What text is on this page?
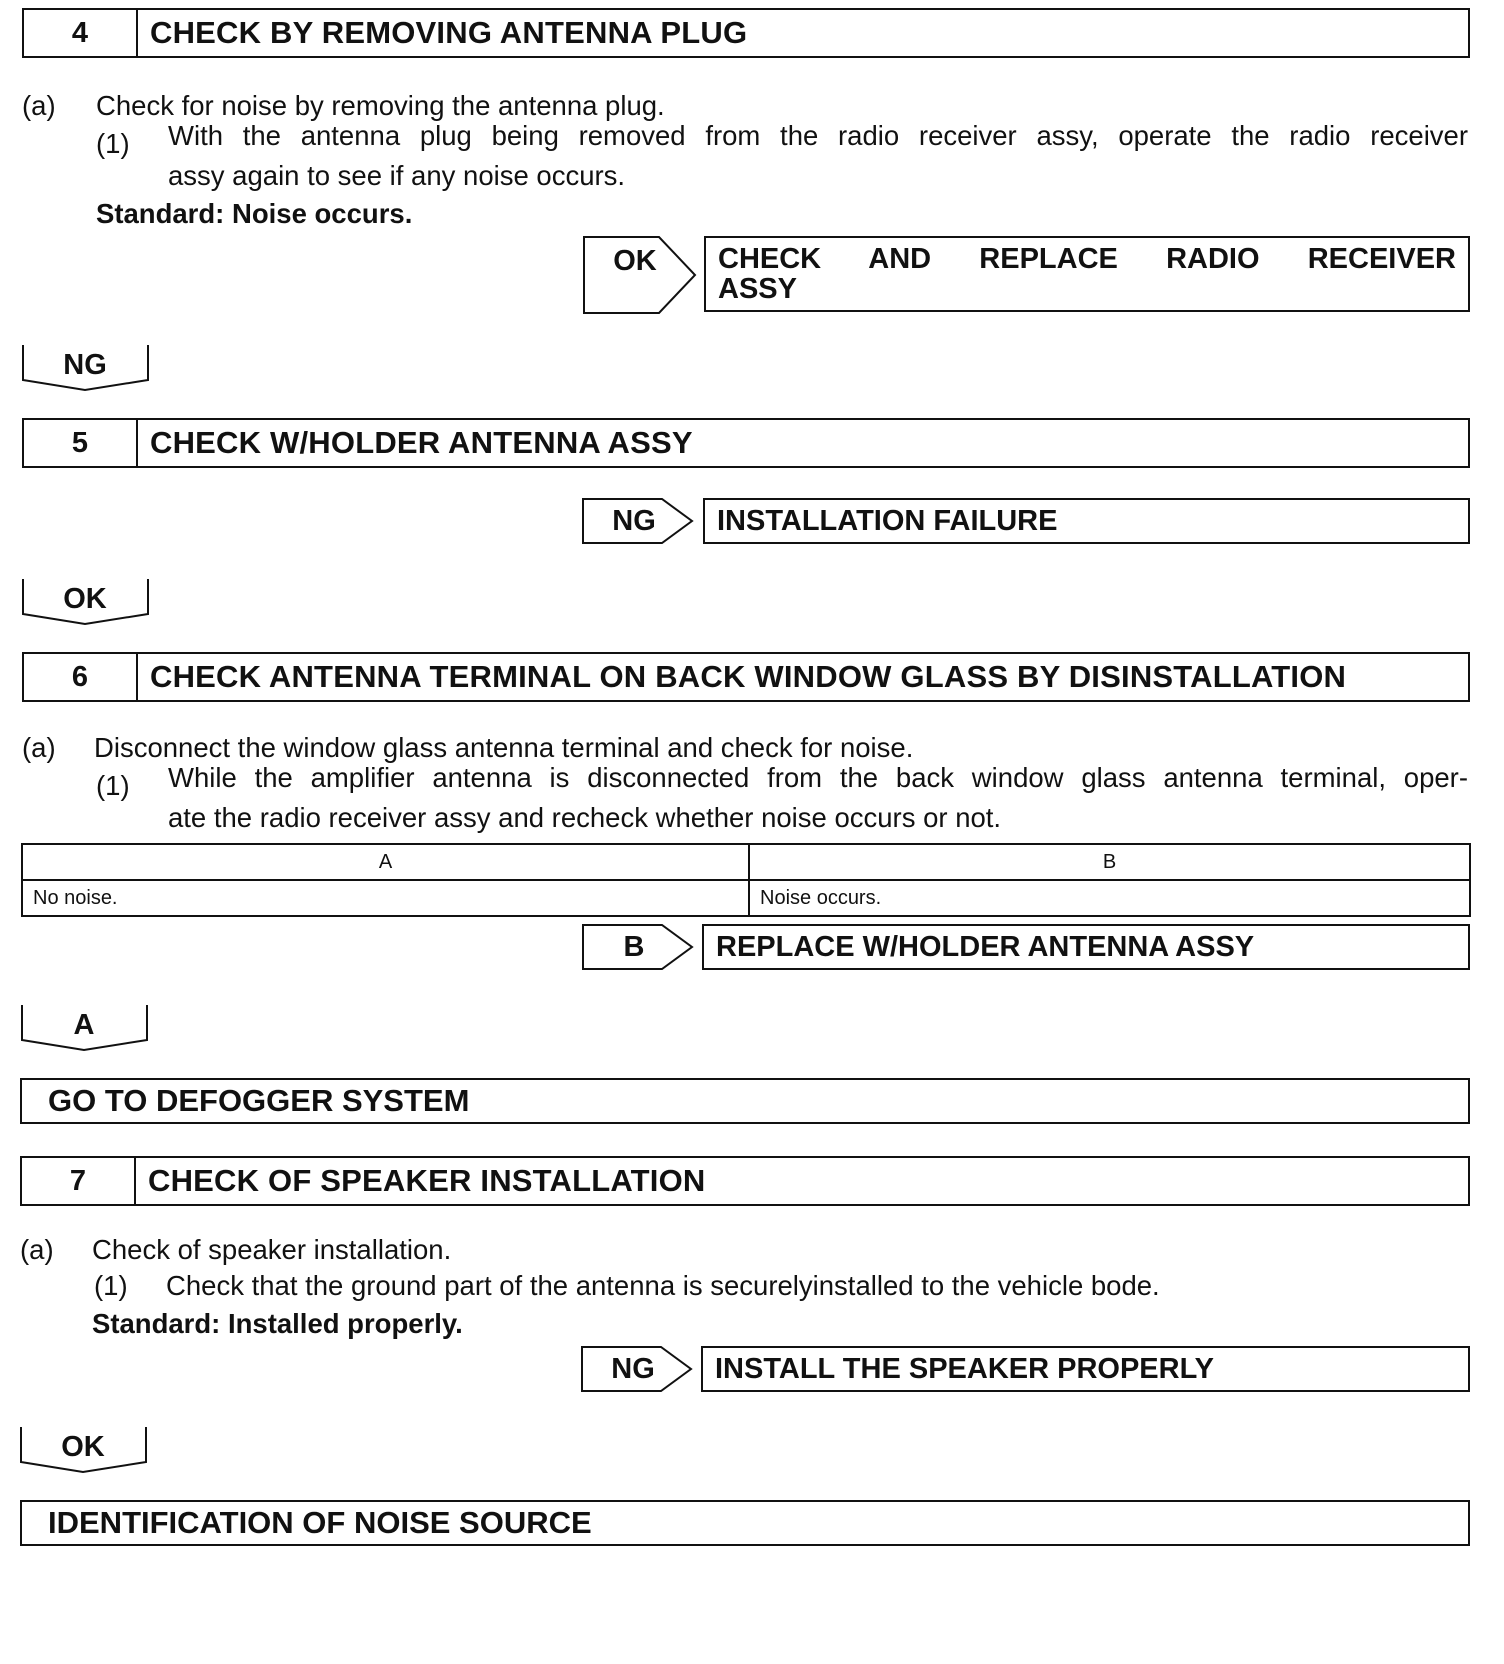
4	CHECK BY REMOVING ANTENNA PLUG
(a) Check for noise by removing the antenna plug.
(1) With the antenna plug being removed from the radio receiver assy, operate the radio receiver
assy again to see if any noise occurs.
Standard: Noise occurs.
OK	CHECK AND REPLACE RADIO RECEIVER
ASSY
NG
5	CHECK W/HOLDER ANTENNA ASSY
NG	INSTALLATION FAILURE
OK
6	CHECK ANTENNA TERMINAL ON BACK WINDOW GLASS BY DISINSTALLATION
(a) Disconnect the window glass antenna terminal and check for noise.
(1) While the amplifier antenna is disconnected from the back window glass antenna terminal, oper-
ate the radio receiver assy and recheck whether noise occurs or not.
A	B
No noise.	Noise occurs.
B	REPLACE W/HOLDER ANTENNA ASSY
A
GO TO DEFOGGER SYSTEM
7	CHECK OF SPEAKER INSTALLATION
(a) Check of speaker installation.
(1) Check that the ground part of the antenna is securelyinstalled to the vehicle bode.
Standard: Installed properly.
NG	INSTALL THE SPEAKER PROPERLY
OK
IDENTIFICATION OF NOISE SOURCE
